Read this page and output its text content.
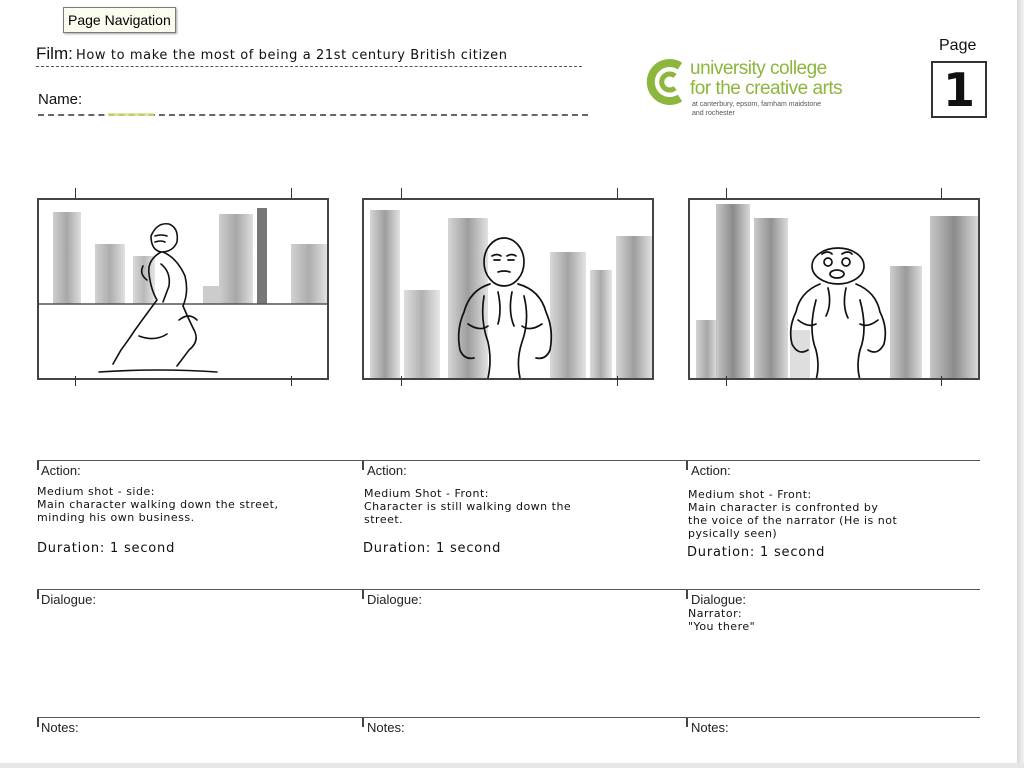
Page Navigation
Film: How to make the most of being a 21st century British citizen
Name:
university college
for the creative arts
at canterbury, epsom, farnham maidstone and rochester
Page
1
Action:
Medium shot - side:
Main character walking down the street,
minding his own business.
Duration: 1 second
Dialogue:
Notes:
Action:
Medium Shot - Front:
Character is still walking down the
street.
Duration: 1 second
Dialogue:
Notes:
Action:
Medium shot - Front:
Main character is confronted by
the voice of the narrator (He is not
pysically seen)
Duration: 1 second
Dialogue:
Narrator:
"You there"
Notes:
